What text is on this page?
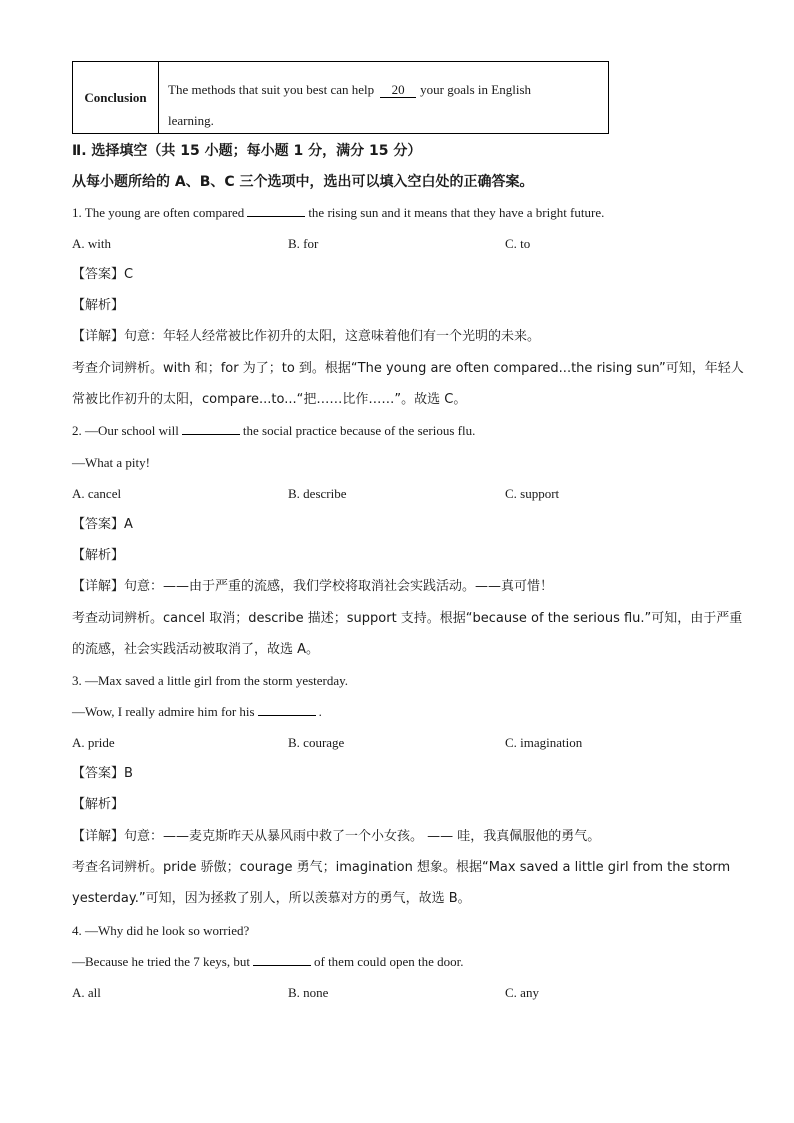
Conclusion	The methods that suit you best can help 20 your goals in English
learning.
Ⅱ. 选择填空（共 15 小题；每小题 1 分，满分 15 分）
从每小题所给的 A、B、C 三个选项中，选出可以填入空白处的正确答案。
1. The young are often compared	the rising sun and it means that they have a bright future.
A. with	B. for	C. to
【答案】C
【解析】
【详解】句意：年轻人经常被比作初升的太阳，这意味着他们有一个光明的未来。
考查介词辨析。with 和；for 为了；to 到。根据“The young are often compared...the rising sun”可知，年轻人
常被比作初升的太阳，compare...to...“把……比作……”。故选 C。
2. —Our school will	the social practice because of the serious flu.
—What a pity!
A. cancel	B. describe	C. support
【答案】A
【解析】
【详解】句意：——由于严重的流感，我们学校将取消社会实践活动。——真可惜！
考查动词辨析。cancel 取消；describe 描述；support 支持。根据“because of the serious flu.”可知，由于严重
的流感，社会实践活动被取消了，故选 A。
3. —Max saved a little girl from the storm yesterday.
—Wow, I really admire him for his	.
A. pride	B. courage	C. imagination
【答案】B
【解析】
【详解】句意：——麦克斯昨天从暴风雨中救了一个小女孩。 —— 哇，我真佩服他的勇气。
考查名词辨析。pride 骄傲；courage 勇气；imagination 想象。根据“Max saved a little girl from the storm
yesterday.”可知，因为拯救了别人，所以羡慕对方的勇气，故选 B。
4. —Why did he look so worried?
—Because he tried the 7 keys, but	of them could open the door.
A. all	B. none	C. any
